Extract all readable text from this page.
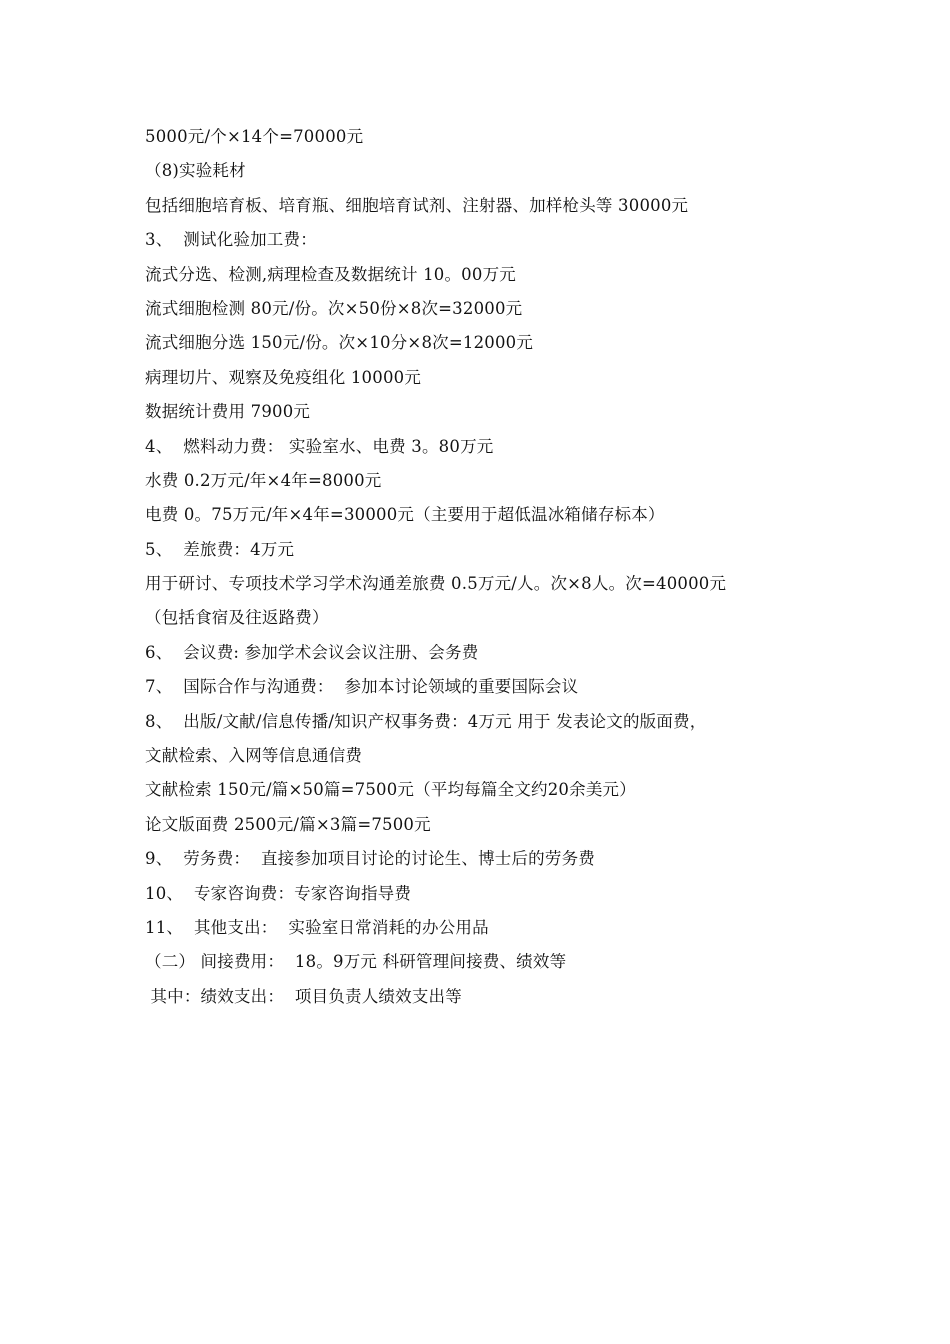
5000元/个×14个=70000元
（8)实验耗材
包括细胞培育板、培育瓶、细胞培育试剂、注射器、加样枪头等 30000元
3、  测试化验加工费：
流式分选、检测,病理检查及数据统计 10。00万元
流式细胞检测 80元/份。次×50份×8次=32000元
流式细胞分选 150元/份。次×10分×8次=12000元
病理切片、观察及免疫组化 10000元
数据统计费用 7900元
4、  燃料动力费： 实验室水、电费 3。80万元
水费 0.2万元/年×4年=8000元
电费 0。75万元/年×4年=30000元（主要用于超低温冰箱储存标本）
5、  差旅费：4万元
用于研讨、专项技术学习学术沟通差旅费 0.5万元/人。次×8人。次=40000元
（包括食宿及往返路费）
6、  会议费: 参加学术会议会议注册、会务费
7、  国际合作与沟通费：  参加本讨论领域的重要国际会议
8、  出版/文献/信息传播/知识产权事务费：4万元 用于 发表论文的版面费，
文献检索、入网等信息通信费
文献检索 150元/篇×50篇=7500元（平均每篇全文约20余美元）
论文版面费 2500元/篇×3篇=7500元
9、  劳务费：  直接参加项目讨论的讨论生、博士后的劳务费
10、  专家咨询费：专家咨询指导费
11、  其他支出：  实验室日常消耗的办公用品
（二） 间接费用：  18。9万元 科研管理间接费、绩效等
其中：绩效支出：  项目负责人绩效支出等
